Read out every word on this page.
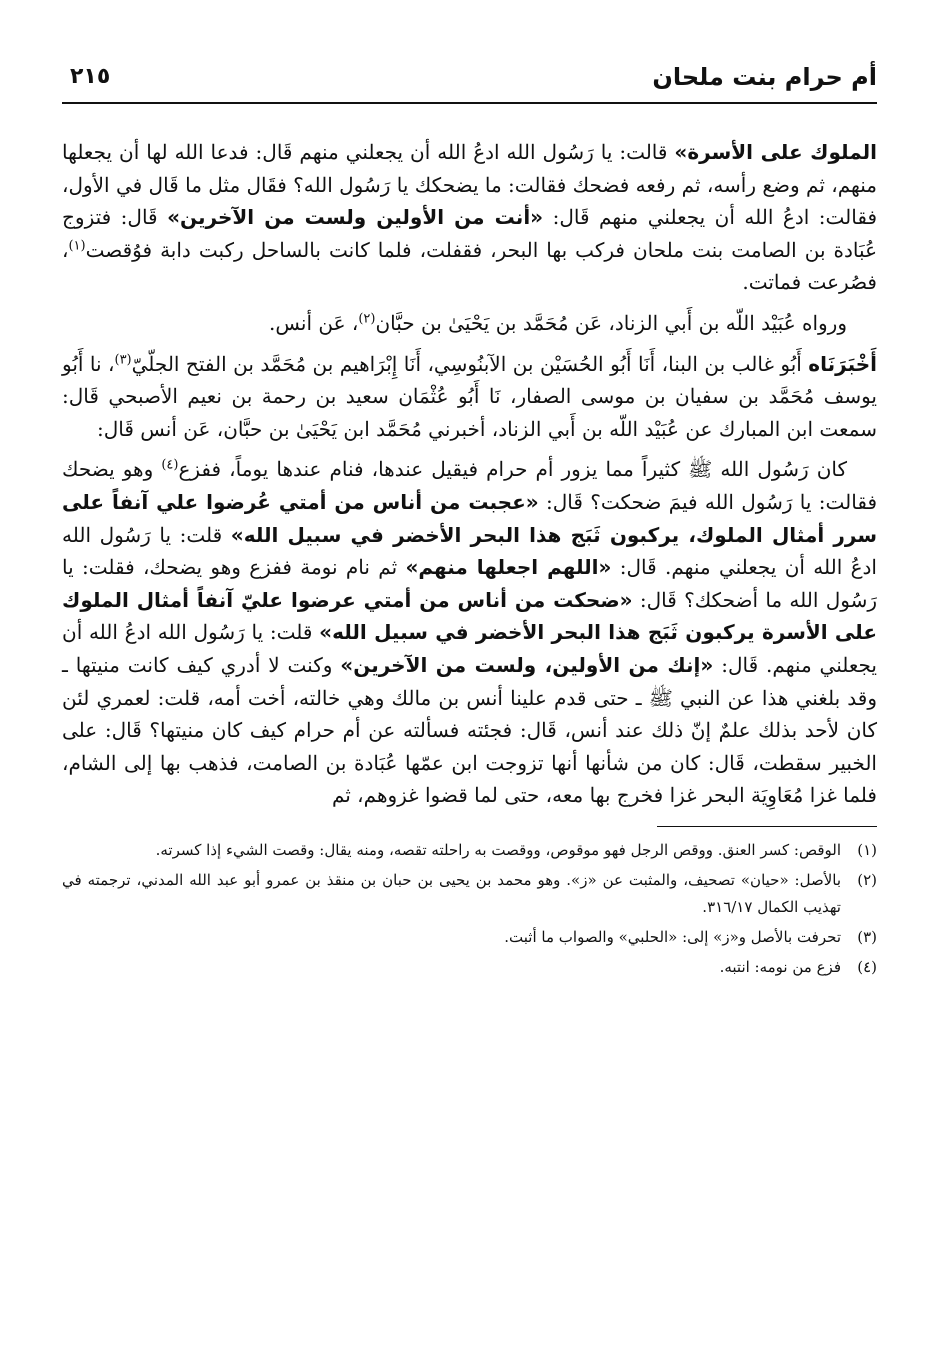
أم حرام بنت ملحان
٢١٥

الملوك على الأسرة» قالت: يا رَسُول الله ادعُ الله أن يجعلني منهم قَال: فدعا الله لها أن يجعلها منهم، ثم وضع رأسه، ثم رفعه فضحك فقالت: ما يضحكك يا رَسُول الله؟ فقَال مثل ما قَال في الأول، فقالت: ادعُ الله أن يجعلني منهم قَال: «أنت من الأولين ولست من الآخرين» قَال: فتزوج عُبَادة بن الصامت بنت ملحان فركب بها البحر، فقفلت، فلما كانت بالساحل ركبت دابة فوُقصت$^{(١)}$، فصُرعت فماتت.

ورواه عُبَيْد اللّه بن أَبي الزناد، عَن مُحَمَّد بن يَحْيَىٰ بن حبَّان$^{(٢)}$، عَن أنس.

أَخْبَرَنَاه أَبُو غالب بن البنا، أَنَا أَبُو الحُسَيْن بن الآبنُوسِي، أَنَا إِبْرَاهيم بن مُحَمَّد بن الفتح الجلّيّ$^{(٣)}$، نا أَبُو يوسف مُحَمَّد بن سفيان بن موسى الصفار، نَا أَبُو عُثْمَان سعيد بن رحمة بن نعيم الأصبحي قَال: سمعت ابن المبارك عن عُبَيْد اللّه بن أَبي الزناد، أخبرني مُحَمَّد ابن يَحْيَىٰ بن حبَّان، عَن أنس قَال:

كان رَسُول الله ﷺ كثيراً مما يزور أم حرام فيقيل عندها، فنام عندها يوماً، ففزع$^{(٤)}$ وهو يضحك فقالت: يا رَسُول الله فيمَ ضحكت؟ قَال: «عجبت من أناس من أمتي عُرضوا علي آنفاً على سرر أمثال الملوك، يركبون ثَبَج هذا البحر الأخضر في سبيل الله» قلت: يا رَسُول الله ادعُ الله أن يجعلني منهم. قَال: «اللهم اجعلها منهم» ثم نام نومة ففزع وهو يضحك، فقلت: يا رَسُول الله ما أضحكك؟ قَال: «ضحكت من أناس من أمتي عرضوا عليّ آنفاً أمثال الملوك على الأسرة يركبون ثَبَج هذا البحر الأخضر في سبيل الله» قلت: يا رَسُول الله ادعُ الله أن يجعلني منهم. قَال: «إنك من الأولين، ولست من الآخرين» وكنت لا أدري كيف كانت منيتها ـ وقد بلغني هذا عن النبي ﷺ ـ حتى قدم علينا أنس بن مالك وهي خالته، أخت أمه، قلت: لعمري لئن كان لأحد بذلك علمٌ إنّ ذلك عند أنس، قَال: فجئته فسألته عن أم حرام كيف كان منيتها؟ قَال: على الخبير سقطت، قَال: كان من شأنها أنها تزوجت ابن عمّها عُبَادة بن الصامت، فذهب بها إلى الشام، فلما غزا مُعَاوِيَة البحر غزا فخرج بها معه، حتى لما قضوا غزوهم، ثم

(١)
الوقص: كسر العنق. ووقص الرجل فهو موقوص، ووقصت به راحلته تقصه، ومنه يقال: وقصت الشيء إذا كسرته.
(٢)
بالأصل: «حيان» تصحيف، والمثبت عن «ز». وهو محمد بن يحيى بن حبان بن منقذ بن عمرو أبو عبد الله المدني، ترجمته في تهذيب الكمال ٣١٦/١٧.
(٣)
تحرفت بالأصل و«ز» إلى: «الحلبي» والصواب ما أثبت.
(٤)
فزع من نومه: انتبه.
